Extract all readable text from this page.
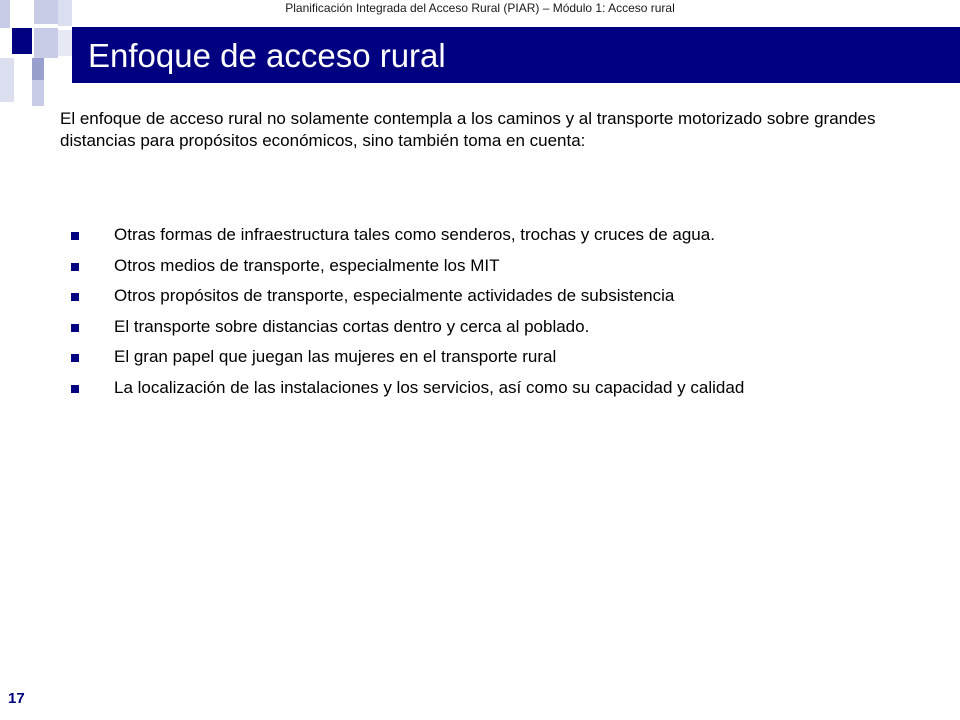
Planificación Integrada del Acceso Rural (PIAR) – Módulo 1: Acceso rural
Enfoque de acceso rural
El enfoque de acceso rural no solamente contempla a los caminos y al transporte motorizado sobre grandes distancias para propósitos económicos, sino también toma en cuenta:
Otras formas de infraestructura tales como senderos, trochas y cruces de agua.
Otros medios de transporte, especialmente los MIT
Otros propósitos de transporte, especialmente actividades de subsistencia
El transporte sobre distancias cortas dentro y cerca al poblado.
El gran papel que juegan las mujeres en el transporte rural
La localización de las instalaciones y los servicios, así como su capacidad y calidad
17
